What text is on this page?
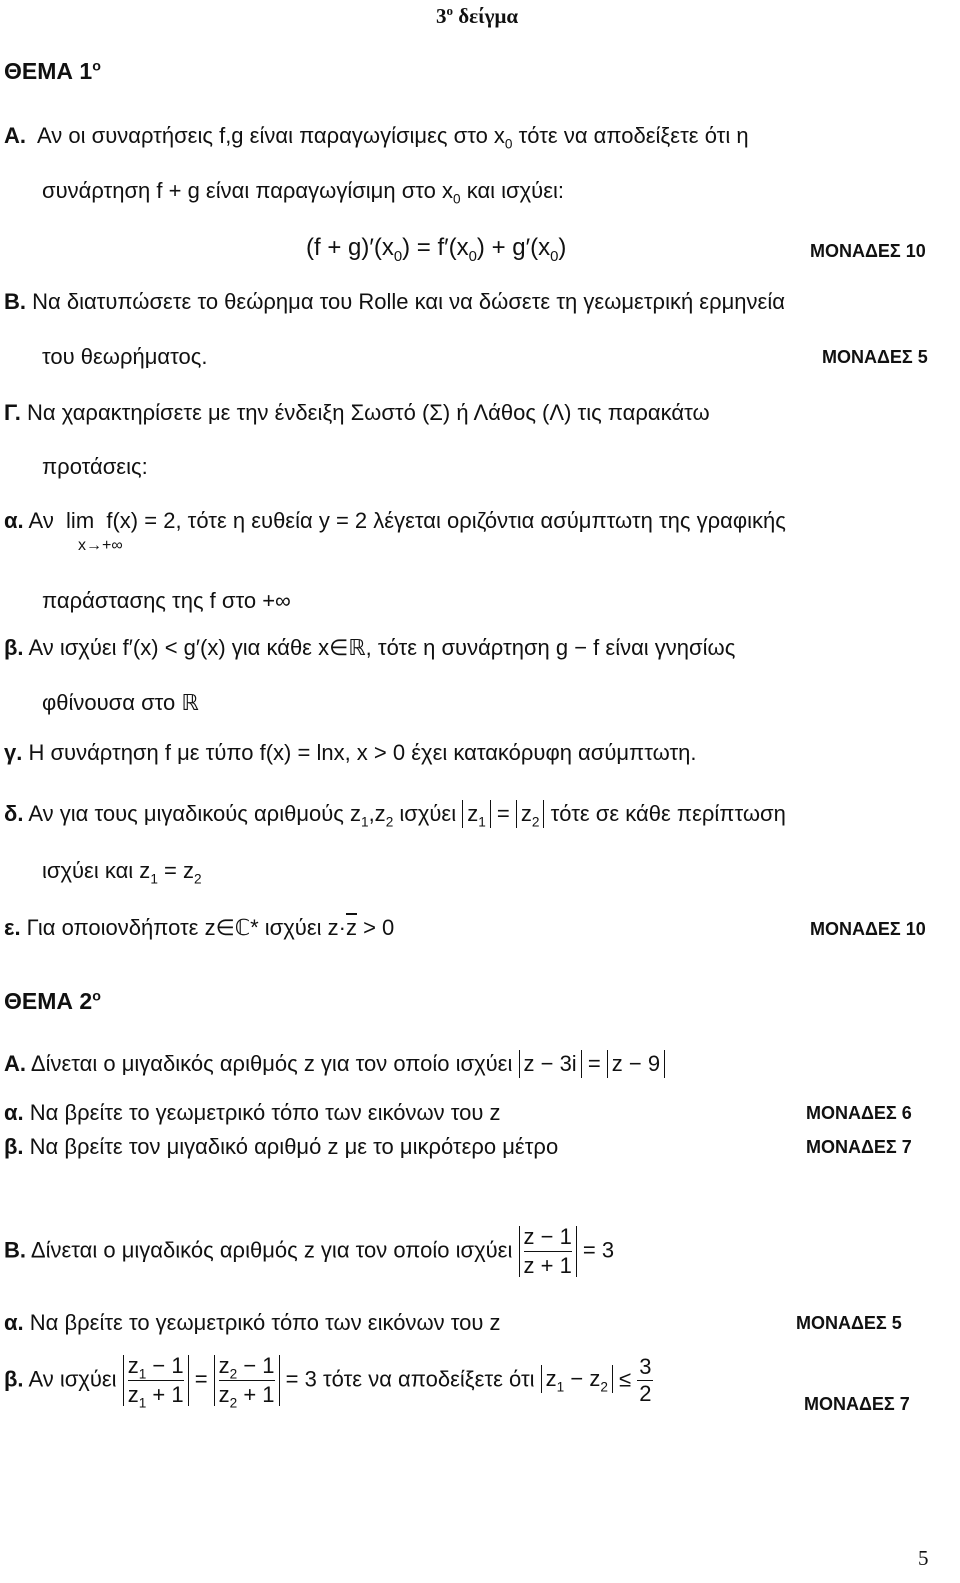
$3^o$ δείγμα
ΘΕΜΑ $1^o$
Α.  Αν οι συναρτήσεις f,g είναι παραγωγίσιμες στο $x_0$ τότε να αποδείξετε ότι η
συνάρτηση f + g είναι παραγωγίσιμη στο $x_0$ και ισχύει:
$(f + g)'(x_0) = f'(x_0) + g'(x_0)$	ΜΟΝΑΔΕΣ 10
Β. Να διατυπώσετε το θεώρημα του Rolle και να δώσετε τη γεωμετρική ερμηνεία
του θεωρήματος.	ΜΟΝΑΔΕΣ 5
Γ. Να χαρακτηρίσετε με την ένδειξη Σωστό (Σ) ή Λάθος (Λ) τις παρακάτω
προτάσεις:
α. Αν  lim  f(x) = 2, τότε η ευθεία y = 2 λέγεται οριζόντια ασύμπτωτη της γραφικής
x→+∞
παράστασης της f στο +∞
β. Αν ισχύει f′(x) < g′(x) για κάθε x∈ℝ, τότε η συνάρτηση g − f είναι γνησίως
φθίνουσα στο ℝ
γ. Η συνάρτηση f με τύπο f(x) = lnx, x > 0 έχει κατακόρυφη ασύμπτωτη.
δ. Αν για τους μιγαδικούς αριθμούς $z_1,z_2$ ισχύει $z_1 = z_2$ τότε σε κάθε περίπτωση
ισχύει και $z_1 = z_2$
ε. Για οποιονδήποτε z∈ℂ* ισχύει $z\cdot\overline{z} > 0$	ΜΟΝΑΔΕΣ 10
ΘΕΜΑ $2^o$
Α. Δίνεται ο μιγαδικός αριθμός z για τον οποίο ισχύει z − 3i = z − 9
α. Να βρείτε το γεωμετρικό τόπο των εικόνων του z	ΜΟΝΑΔΕΣ 6
β. Να βρείτε τον μιγαδικό αριθμό z με το μικρότερο μέτρο	ΜΟΝΑΔΕΣ 7
Β. Δίνεται ο μιγαδικός αριθμός z για τον οποίο ισχύει $\frac{z - 1}{z + 1} = 3$
α. Να βρείτε το γεωμετρικό τόπο των εικόνων του z	ΜΟΝΑΔΕΣ 5
β. Αν ισχύει $\frac{z_1 - 1}{z_1 + 1} = \frac{z_2 - 1}{z_2 + 1} = 3$ τότε να αποδείξετε ότι $z_1 - z_2 \le \frac{3}{2}$	ΜΟΝΑΔΕΣ 7
5
